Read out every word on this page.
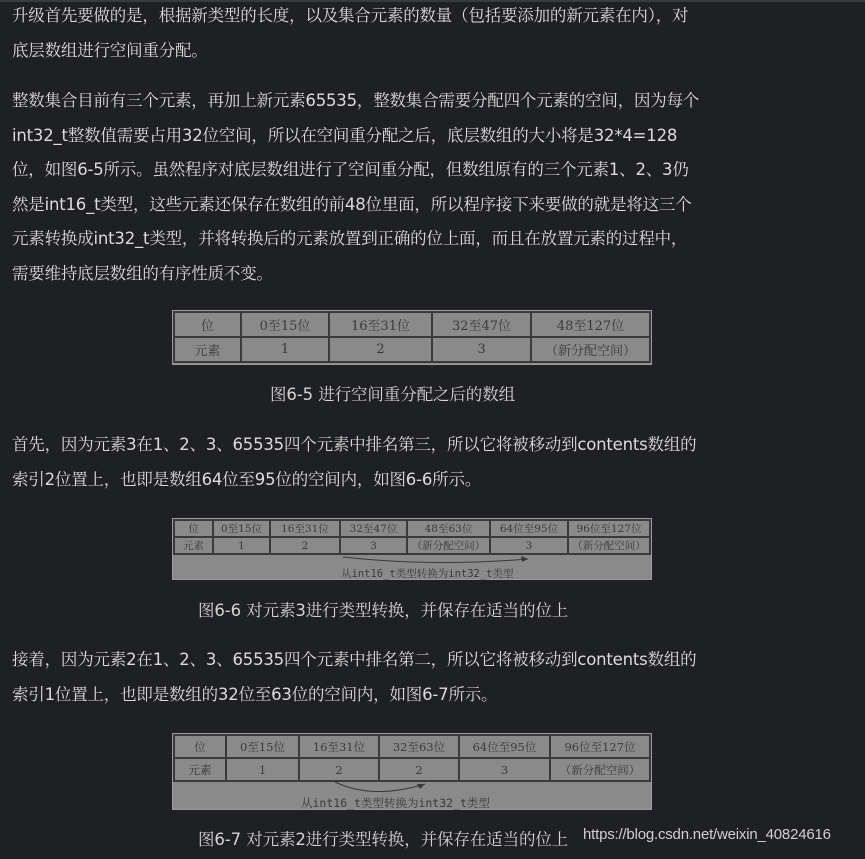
升级首先要做的是，根据新类型的长度，以及集合元素的数量（包括要添加的新元素在内），对
底层数组进行空间重分配。
整数集合目前有三个元素，再加上新元素65535，整数集合需要分配四个元素的空间，因为每个
int32_t整数值需要占用32位空间，所以在空间重分配之后，底层数组的大小将是32*4=128
位，如图6-5所示。虽然程序对底层数组进行了空间重分配，但数组原有的三个元素1、2、3仍
然是int16_t类型，这些元素还保存在数组的前48位里面，所以程序接下来要做的就是将这三个
元素转换成int32_t类型，并将转换后的元素放置到正确的位上面，而且在放置元素的过程中，
需要维持底层数组的有序性质不变。
位	0至15位	16至31位	32至47位	48至127位
元素	1	2	3	（新分配空间）
图6-5 进行空间重分配之后的数组
首先，因为元素3在1、2、3、65535四个元素中排名第三，所以它将被移动到contents数组的
索引2位置上，也即是数组64位至95位的空间内，如图6-6所示。
位	0至15位	16至31位	32至47位	48至63位	64位至95位	96位至127位
元素	1	2	3	（新分配空间）	3	（新分配空间）
从int16_t类型转换为int32_t类型
图6-6 对元素3进行类型转换，并保存在适当的位上
接着，因为元素2在1、2、3、65535四个元素中排名第二，所以它将被移动到contents数组的
索引1位置上，也即是数组的32位至63位的空间内，如图6-7所示。
位	0至15位	16至31位	32至63位	64位至95位	96位至127位
元素	1	2	2	3	（新分配空间）
从int16_t类型转换为int32_t类型
图6-7 对元素2进行类型转换，并保存在适当的位上 https://blog.csdn.net/weixin_40824616
